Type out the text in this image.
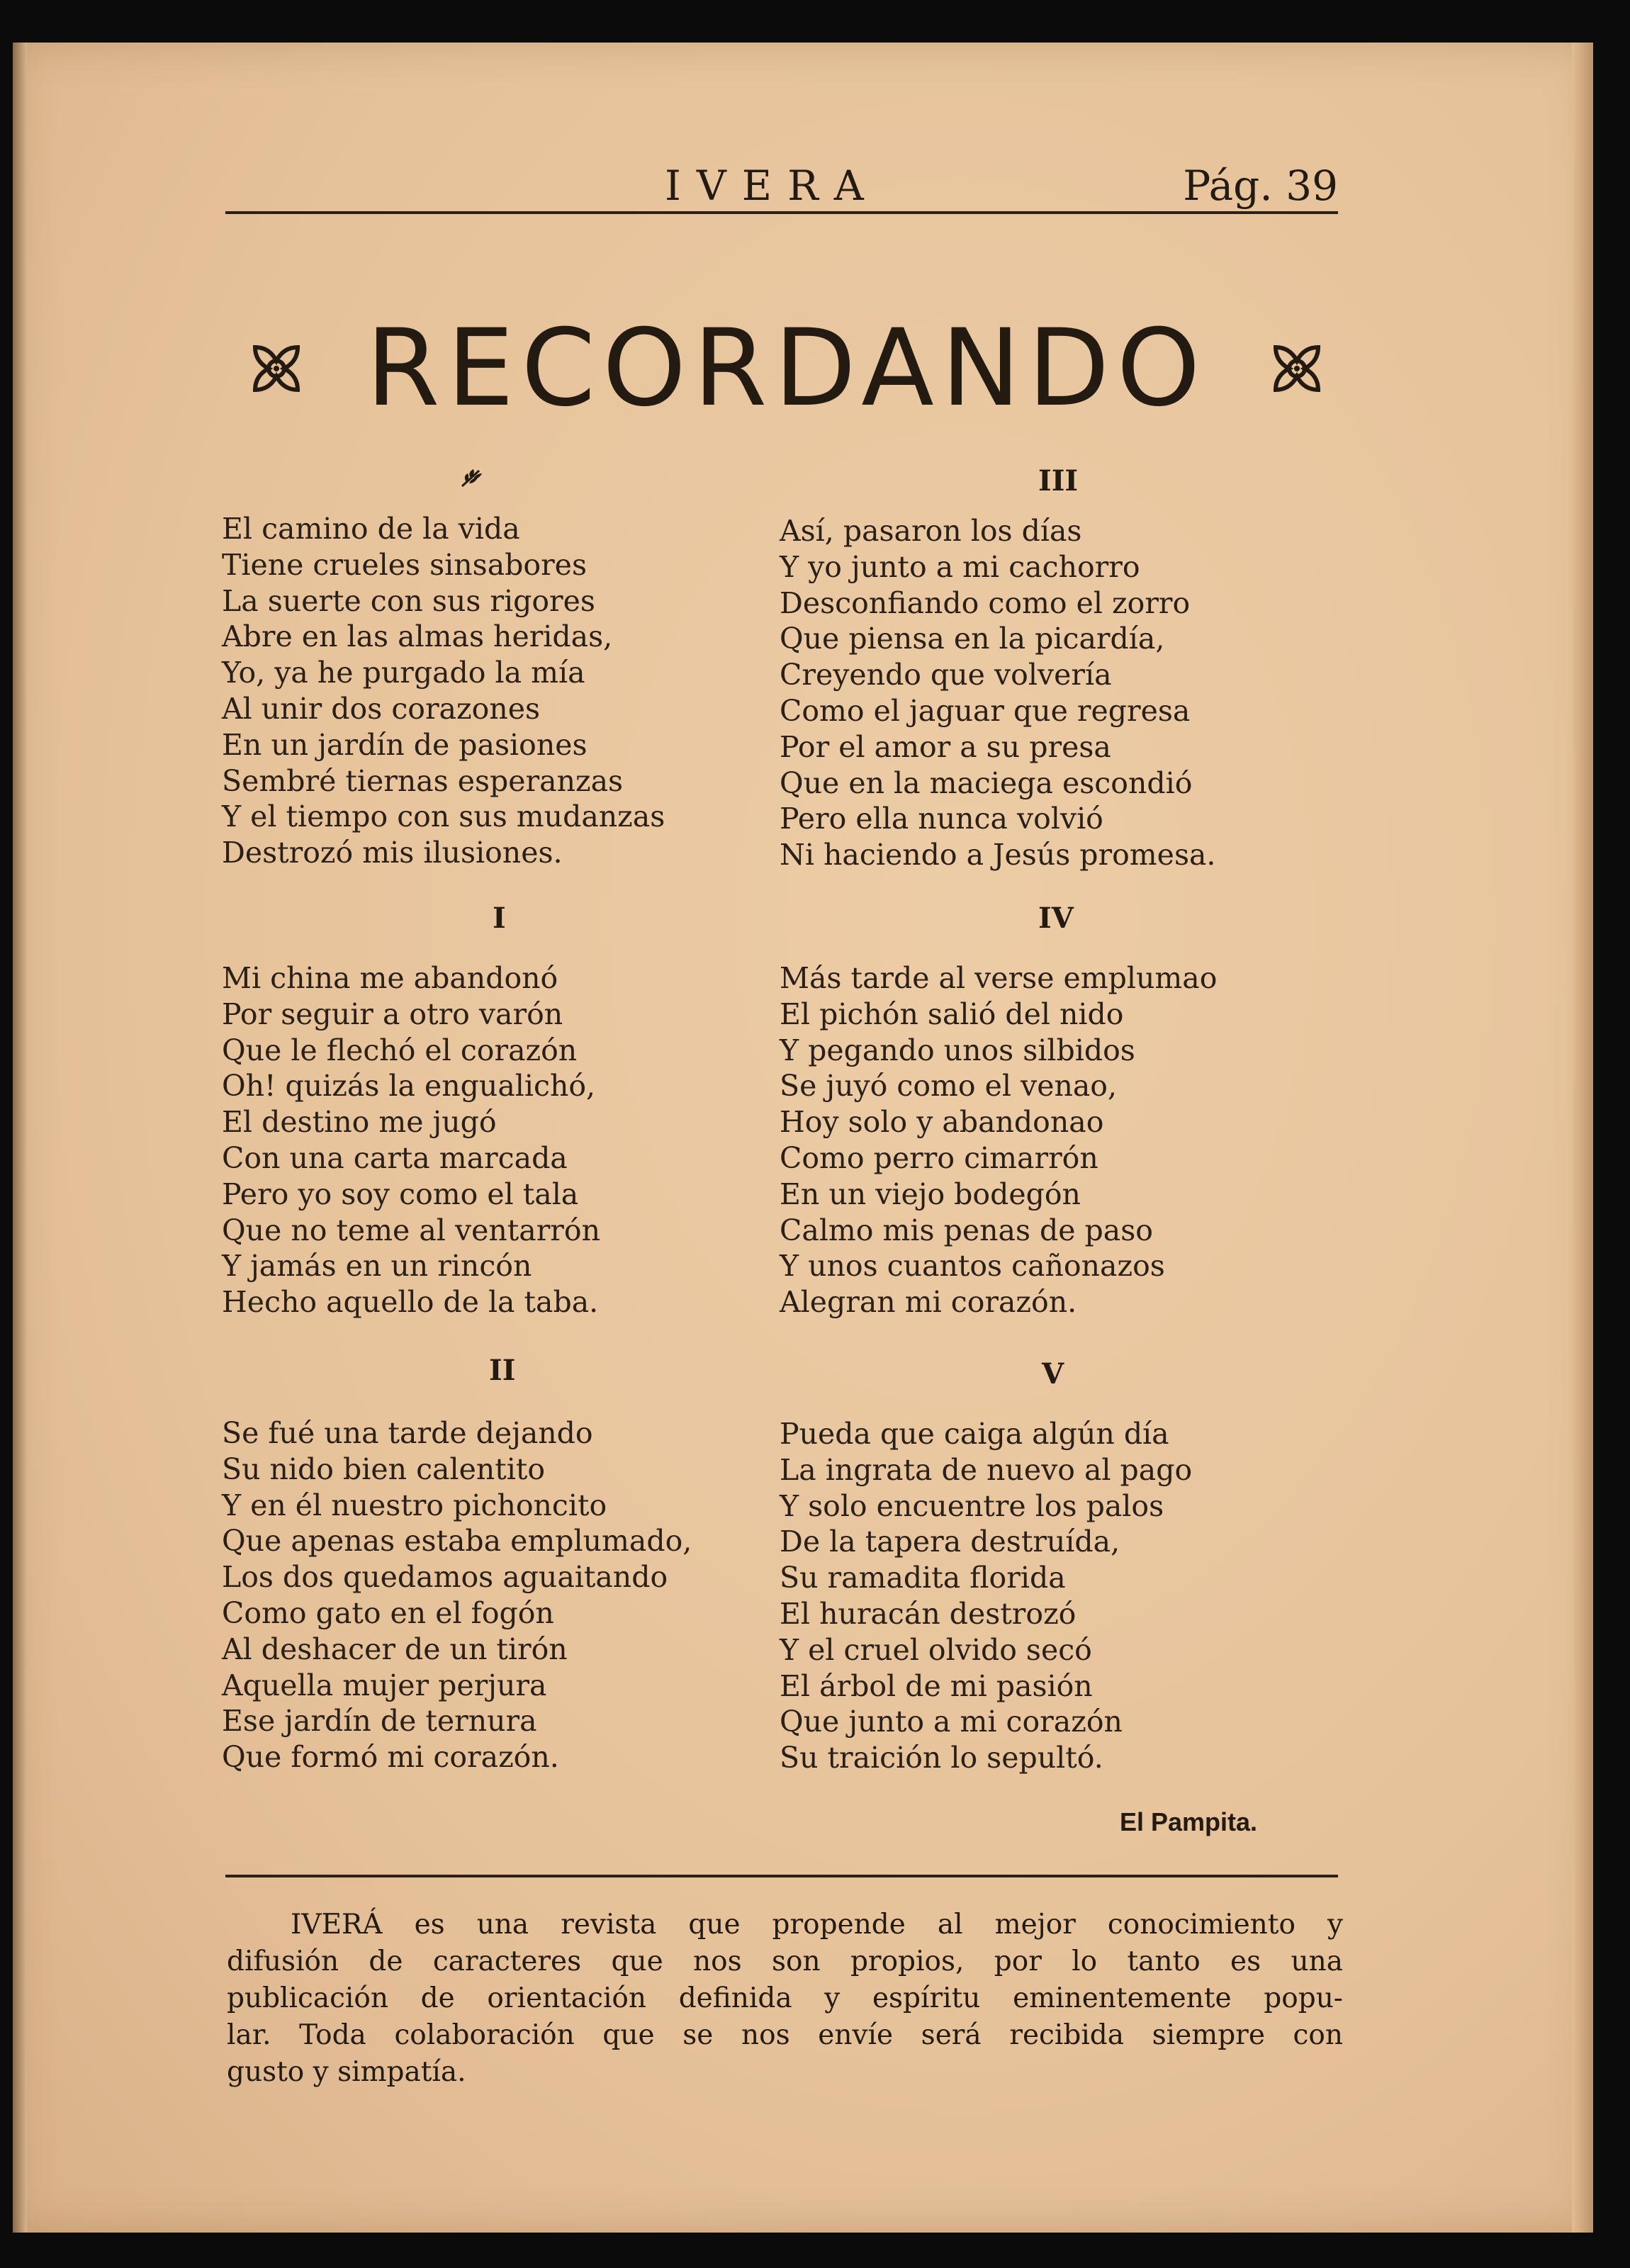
IVERA	Pág. 39
RECORDANDO
El camino de la vida
Tiene crueles sinsabores
La suerte con sus rigores
Abre en las almas heridas,
Yo, ya he purgado la mía
Al unir dos corazones
En un jardín de pasiones
Sembré tiernas esperanzas
Y el tiempo con sus mudanzas
Destrozó mis ilusiones.
I
Mi china me abandonó
Por seguir a otro varón
Que le flechó el corazón
Oh! quizás la engualichó,
El destino me jugó
Con una carta marcada
Pero yo soy como el tala
Que no teme al ventarrón
Y jamás en un rincón
Hecho aquello de la taba.
II
Se fué una tarde dejando
Su nido bien calentito
Y en él nuestro pichoncito
Que apenas estaba emplumado,
Los dos quedamos aguaitando
Como gato en el fogón
Al deshacer de un tirón
Aquella mujer perjura
Ese jardín de ternura
Que formó mi corazón.
III
Así, pasaron los días
Y yo junto a mi cachorro
Desconfiando como el zorro
Que piensa en la picardía,
Creyendo que volvería
Como el jaguar que regresa
Por el amor a su presa
Que en la maciega escondió
Pero ella nunca volvió
Ni haciendo a Jesús promesa.
IV
Más tarde al verse emplumao
El pichón salió del nido
Y pegando unos silbidos
Se juyó como el venao,
Hoy solo y abandonao
Como perro cimarrón
En un viejo bodegón
Calmo mis penas de paso
Y unos cuantos cañonazos
Alegran mi corazón.
V
Pueda que caiga algún día
La ingrata de nuevo al pago
Y solo encuentre los palos
De la tapera destruída,
Su ramadita florida
El huracán destrozó
Y el cruel olvido secó
El árbol de mi pasión
Que junto a mi corazón
Su traición lo sepultó.
El Pampita.
IVERÁ es una revista que propende al mejor conocimiento y
difusión de caracteres que nos son propios, por lo tanto es una
publicación de orientación definida y espíritu eminentemente popu-
lar. Toda colaboración que se nos envíe será recibida siempre con
gusto y simpatía.
